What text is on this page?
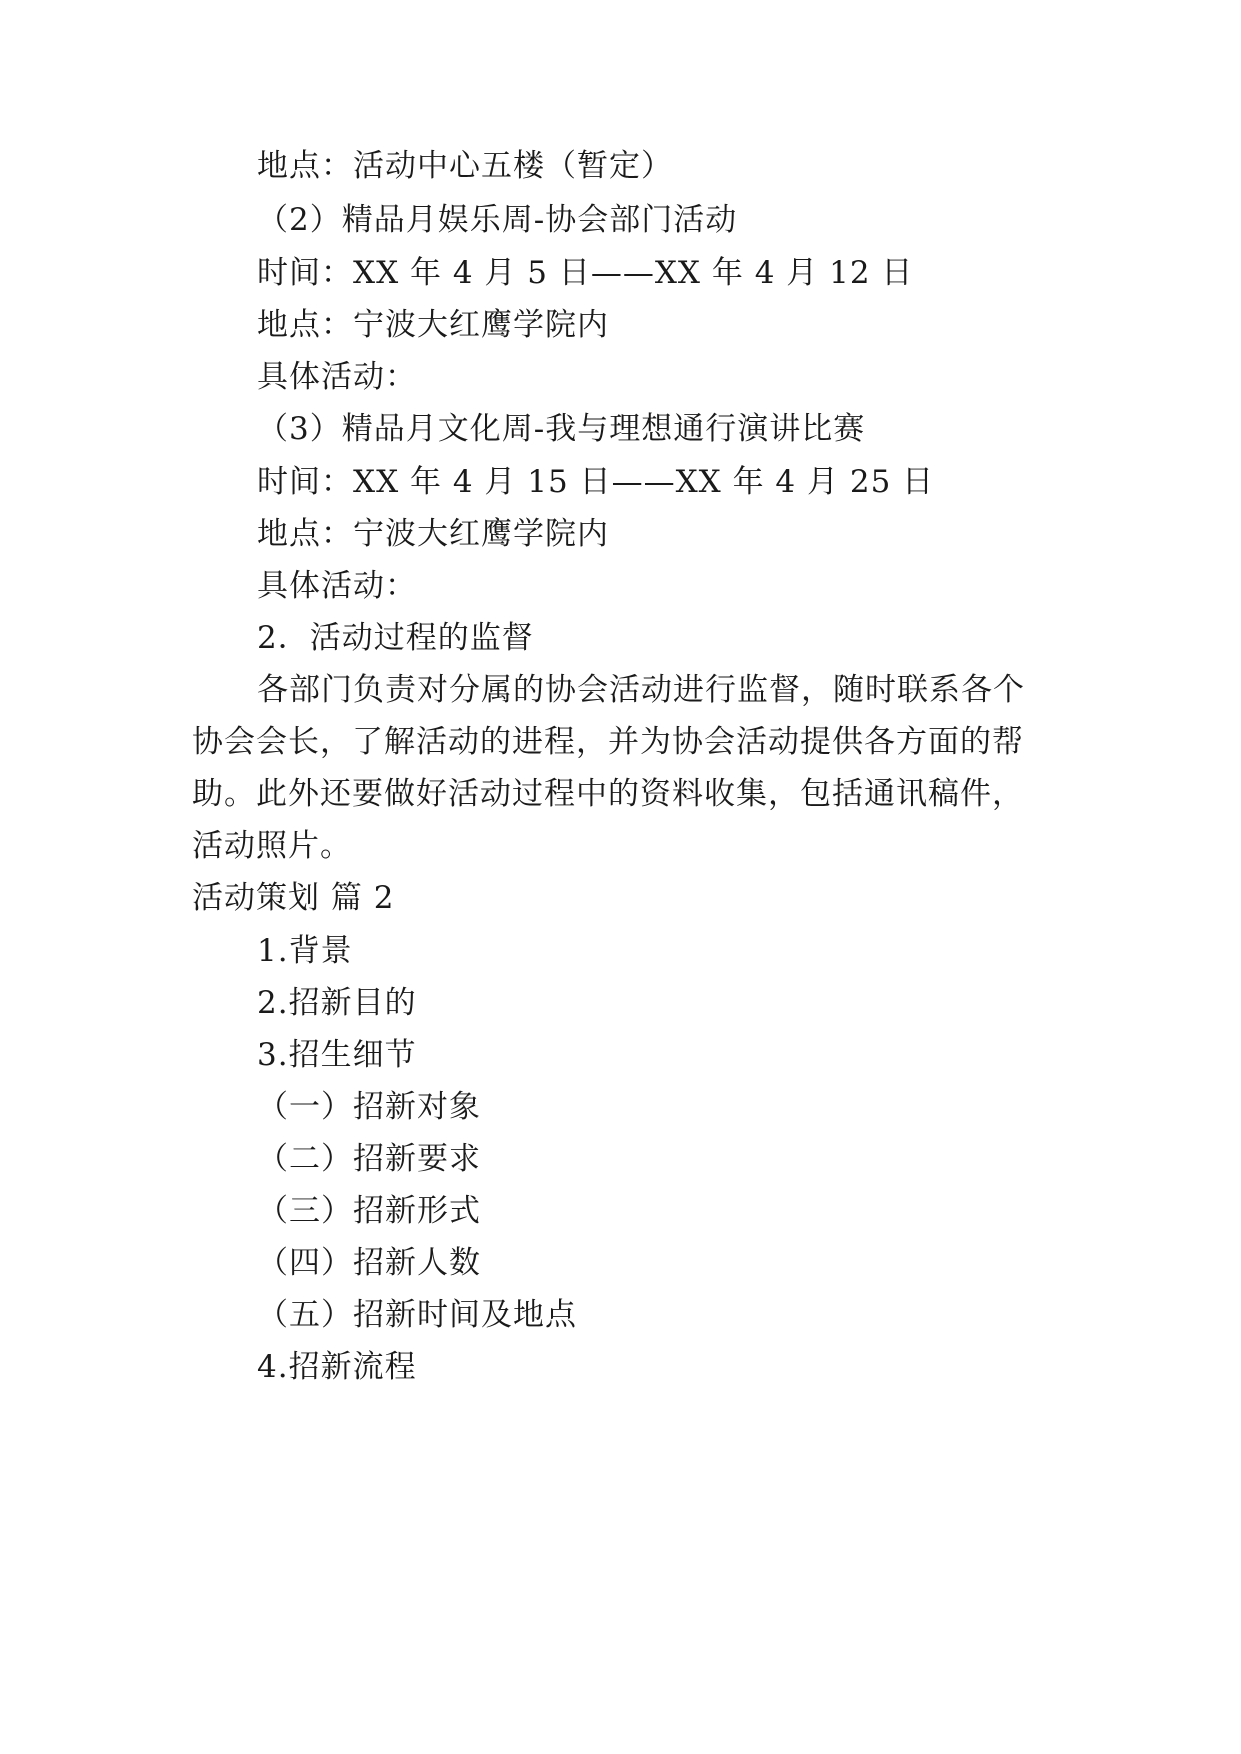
地点：活动中心五楼（暂定）
（2）精品月娱乐周-协会部门活动
时间：XX 年 4 月 5 日——XX 年 4 月 12 日
地点：宁波大红鹰学院内
具体活动：
（3）精品月文化周-我与理想通行演讲比赛
时间：XX 年 4 月 15 日——XX 年 4 月 25 日
地点：宁波大红鹰学院内
具体活动：
2．活动过程的监督
各部门负责对分属的协会活动进行监督，随时联系各个
协会会长，了解活动的进程，并为协会活动提供各方面的帮
助。此外还要做好活动过程中的资料收集，包括通讯稿件，
活动照片。
活动策划 篇 2
1.背景
2.招新目的
3.招生细节
（一）招新对象
（二）招新要求
（三）招新形式
（四）招新人数
（五）招新时间及地点
4.招新流程
